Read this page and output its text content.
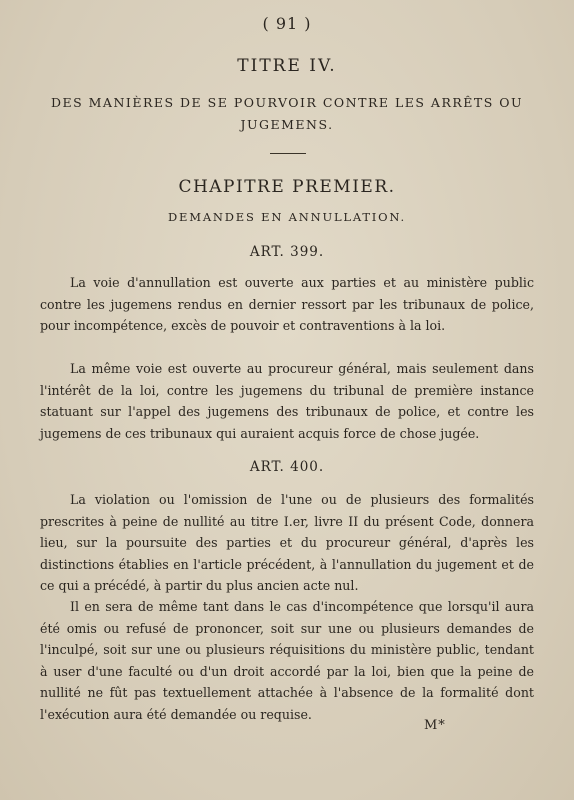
( 91 )
TITRE IV.
DES MANIÈRES DE SE POURVOIR CONTRE LES ARRÊTS OU JUGEMENS.
CHAPITRE PREMIER.
DEMANDES EN ANNULLATION.
ART. 399.

La voie d'annullation est ouverte aux parties et au ministère public contre les jugemens rendus en dernier ressort par les tribunaux de police, pour incompétence, excès de pouvoir et contraventions à la loi.

La même voie est ouverte au procureur général, mais seulement dans l'intérêt de la loi, contre les jugemens du tribunal de première instance statuant sur l'appel des jugemens des tribunaux de police, et contre les jugemens de ces tribunaux qui auraient acquis force de chose jugée.

ART. 400.

La violation ou l'omission de l'une ou de plusieurs des formalités prescrites à peine de nullité au titre I.er, livre II du présent Code, donnera lieu, sur la poursuite des parties et du procureur général, d'après les distinctions établies en l'article précédent, à l'annullation du jugement et de ce qui a précédé, à partir du plus ancien acte nul.

Il en sera de même tant dans le cas d'incompétence que lorsqu'il aura été omis ou refusé de prononcer, soit sur une ou plusieurs demandes de l'inculpé, soit sur une ou plusieurs réquisitions du ministère public, tendant à user d'une faculté ou d'un droit accordé par la loi, bien que la peine de nullité ne fût pas textuellement attachée à l'absence de la formalité dont l'exécution aura été demandée ou requise.

M*
